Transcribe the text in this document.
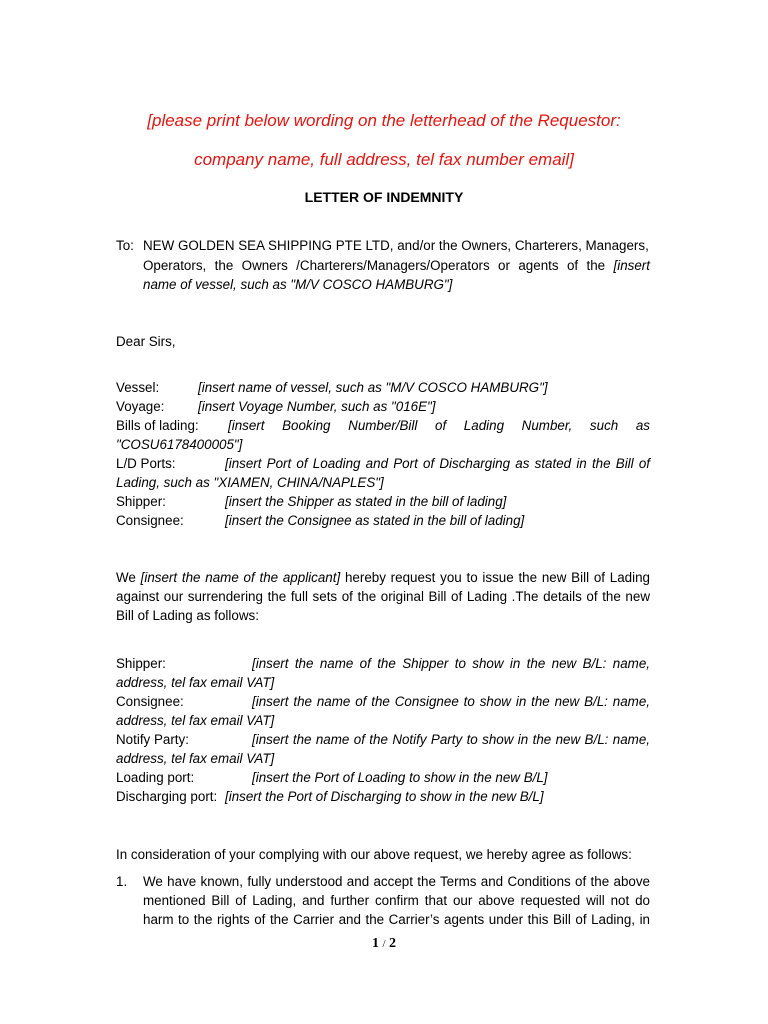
[please print below wording on the letterhead of the Requestor:
company name, full address, tel fax number email]
LETTER OF INDEMNITY
To: NEW GOLDEN SEA SHIPPING PTE LTD, and/or the Owners, Charterers, Managers,
Operators, the Owners /Charterers/Managers/Operators or agents of the [insert
name of vessel, such as "M/V COSCO HAMBURG"]
Dear Sirs,
Vessel:	[insert name of vessel, such as "M/V COSCO HAMBURG"]
Voyage:	[insert Voyage Number, such as "016E"]
Bills of lading: [insert Booking Number/Bill of Lading Number, such as
"COSU6178400005"]
L/D Ports:	[insert Port of Loading and Port of Discharging as stated in the Bill of
Lading, such as "XIAMEN, CHINA/NAPLES"]
Shipper:	[insert the Shipper as stated in the bill of lading]
Consignee:	[insert the Consignee as stated in the bill of lading]
We [insert the name of the applicant] hereby request you to issue the new Bill of Lading
against our surrendering the full sets of the original Bill of Lading .The details of the new
Bill of Lading as follows:
Shipper:	[insert the name of the Shipper to show in the new B/L: name,
address, tel fax email VAT]
Consignee:	[insert the name of the Consignee to show in the new B/L: name,
address, tel fax email VAT]
Notify Party:	[insert the name of the Notify Party to show in the new B/L: name,
address, tel fax email VAT]
Loading port:	[insert the Port of Loading to show in the new B/L]
Discharging port: [insert the Port of Discharging to show in the new B/L]
In consideration of your complying with our above request, we hereby agree as follows:
1. We have known, fully understood and accept the Terms and Conditions of the above
mentioned Bill of Lading, and further confirm that our above requested will not do
harm to the rights of the Carrier and the Carrier’s agents under this Bill of Lading, in
1 / 2
